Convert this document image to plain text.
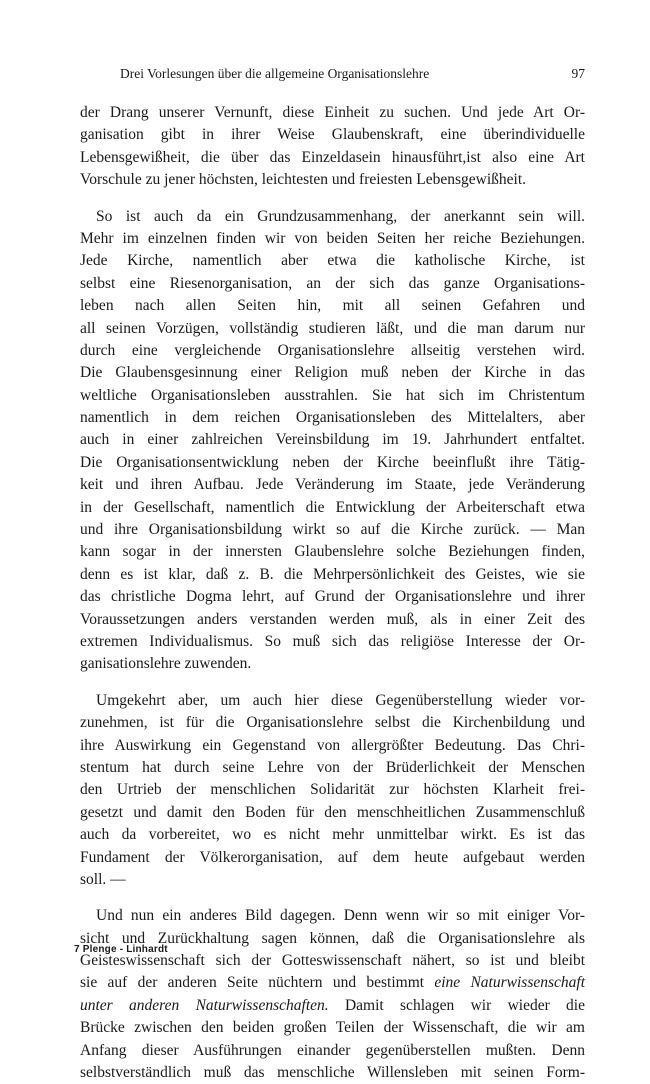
Drei Vorlesungen über die allgemeine Organisationslehre	97
der Drang unserer Vernunft, diese Einheit zu suchen. Und jede Art Or-
ganisation gibt in ihrer Weise Glaubenskraft, eine überindividuelle
Lebensgewißheit, die über das Einzeldasein hinausführt,ist also eine Art
Vorschule zu jener höchsten, leichtesten und freiesten Lebensgewißheit.
So ist auch da ein Grundzusammenhang, der anerkannt sein will.
Mehr im einzelnen finden wir von beiden Seiten her reiche Beziehungen.
Jede Kirche, namentlich aber etwa die katholische Kirche, ist
selbst eine Riesenorganisation, an der sich das ganze Organisations-
leben nach allen Seiten hin, mit all seinen Gefahren und
all seinen Vorzügen, vollständig studieren läßt, und die man darum nur
durch eine vergleichende Organisationslehre allseitig verstehen wird.
Die Glaubensgesinnung einer Religion muß neben der Kirche in das
weltliche Organisationsleben ausstrahlen. Sie hat sich im Christentum
namentlich in dem reichen Organisationsleben des Mittelalters, aber
auch in einer zahlreichen Vereinsbildung im 19. Jahrhundert entfaltet.
Die Organisationsentwicklung neben der Kirche beeinflußt ihre Tätig-
keit und ihren Aufbau. Jede Veränderung im Staate, jede Veränderung
in der Gesellschaft, namentlich die Entwicklung der Arbeiterschaft etwa
und ihre Organisationsbildung wirkt so auf die Kirche zurück. — Man
kann sogar in der innersten Glaubenslehre solche Beziehungen finden,
denn es ist klar, daß z. B. die Mehrpersönlichkeit des Geistes, wie sie
das christliche Dogma lehrt, auf Grund der Organisationslehre und ihrer
Voraussetzungen anders verstanden werden muß, als in einer Zeit des
extremen Individualismus. So muß sich das religiöse Interesse der Or-
ganisationslehre zuwenden.
Umgekehrt aber, um auch hier diese Gegenüberstellung wieder vor-
zunehmen, ist für die Organisationslehre selbst die Kirchenbildung und
ihre Auswirkung ein Gegenstand von allergrößter Bedeutung. Das Chri-
stentum hat durch seine Lehre von der Brüderlichkeit der Menschen
den Urtrieb der menschlichen Solidarität zur höchsten Klarheit frei-
gesetzt und damit den Boden für den menschheitlichen Zusammenschluß
auch da vorbereitet, wo es nicht mehr unmittelbar wirkt. Es ist das
Fundament der Völkerorganisation, auf dem heute aufgebaut werden
soll. —
Und nun ein anderes Bild dagegen. Denn wenn wir so mit einiger Vor-
sicht und Zurückhaltung sagen können, daß die Organisationslehre als
Geisteswissenschaft sich der Gotteswissenschaft nähert, so ist und bleibt
sie auf der anderen Seite nüchtern und bestimmt eine Naturwissenschaft
unter anderen Naturwissenschaften. Damit schlagen wir wieder die
Brücke zwischen den beiden großen Teilen der Wissenschaft, die wir am
Anfang dieser Ausführungen einander gegenüberstellen mußten. Denn
selbstverständlich muß das menschliche Willensleben mit seinen Form-
7 Plenge - Linhardt
